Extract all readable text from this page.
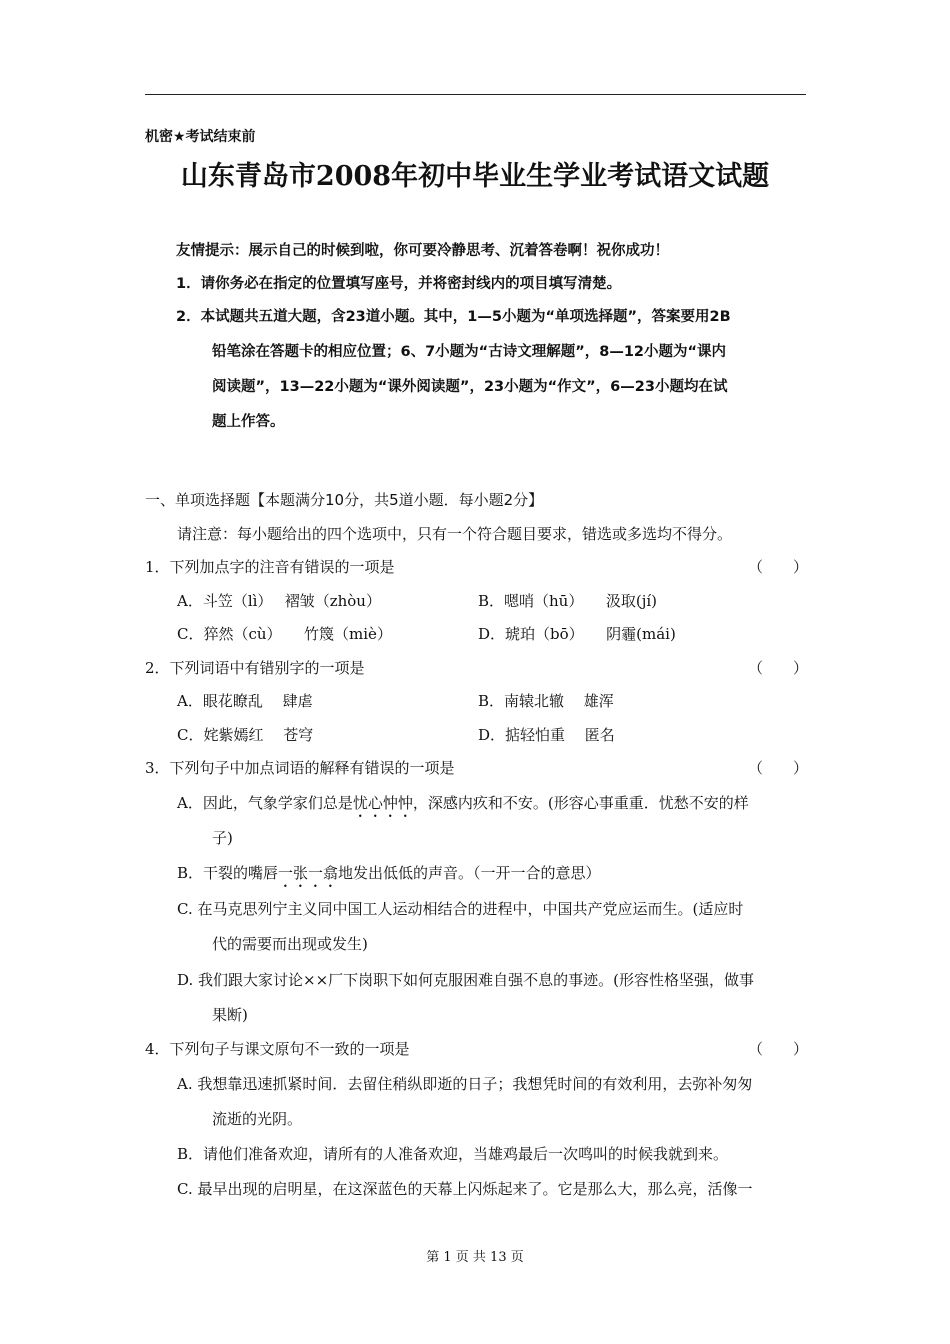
机密★考试结束前
山东青岛市2008年初中毕业生学业考试语文试题

友情提示：展示自己的时候到啦，你可要冷静思考、沉着答卷啊！祝你成功！

1．请你务必在指定的位置填写座号，并将密封线内的项目填写清楚。

2．本试题共五道大题，含23道小题。其中，1—5小题为“单项选择题”，答案要用2B
铅笔涂在答题卡的相应位置；6、7小题为“古诗文理解题”，8—12小题为“课内
阅读题”，13—22小题为“课外阅读题”，23小题为“作文”，6—23小题均在试
题上作答。
一、单项选择题【本题满分10分，共5道小题．每小题2分】
请注意：每小题给出的四个选项中，只有一个符合题目要求，错选或多选均不得分。
1．下列加点字的注音有错误的一项是	（　　）
A．斗笠（lì）　 褶皱（zhòu）	B．嗯哨（hū）　　汲取(jí)
C．猝然（cù）　　竹篾（miè）	D．琥珀（bō）　　阴霾(mái)
2．下列词语中有错别字的一项是	（　　）
A．眼花瞭乱　 肆虐	B．南辕北辙　 雄浑
C．姹紫嫣红　 苍穹	D．掂轻怕重　 匿名
3．下列句子中加点词语的解释有错误的一项是	（　　）
A．因此，气象学家们总是忧心忡忡，深感内疚和不安。(形容心事重重．忧愁不安的样
子)
B．干裂的嘴唇一张一翕地发出低低的声音。（一开一合的意思）
C. 在马克思列宁主义同中国工人运动相结合的进程中，中国共产党应运而生。(适应时
代的需要而出现或发生)
D. 我们跟大家讨论××厂下岗职下如何克服困难自强不息的事迹。(形容性格坚强，做事
果断)
4．下列句子与课文原句不一致的一项是	（　　）
A. 我想靠迅速抓紧时间．去留住稍纵即逝的日子；我想凭时间的有效利用，去弥补匆匆
流逝的光阴。
B．请他们准备欢迎，请所有的人准备欢迎，当雄鸡最后一次鸣叫的时候我就到来。
C. 最早出现的启明星，在这深蓝色的天幕上闪烁起来了。它是那么大，那么亮，活像一
第 1 页 共 13 页
